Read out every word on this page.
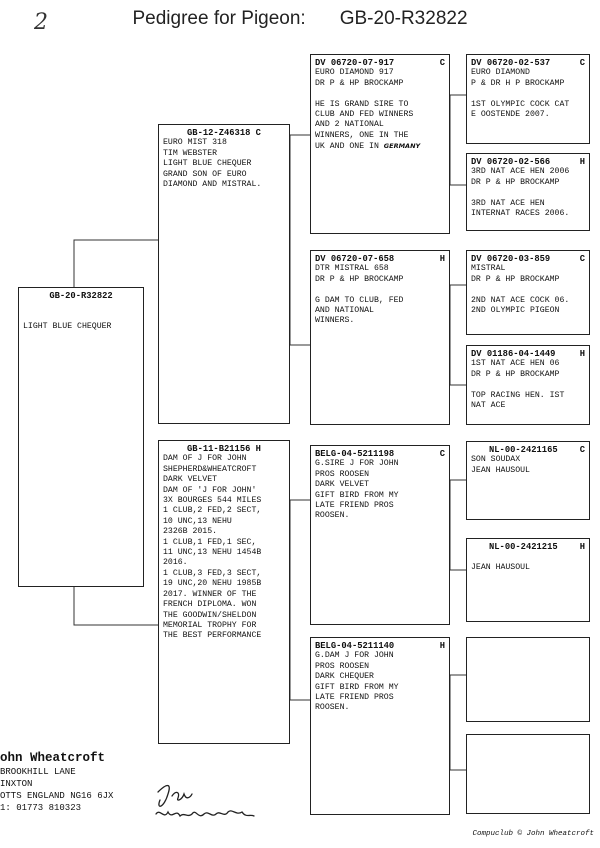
2	Pedigree for Pigeon: GB-20-R32822
GB-20-R32822
LIGHT BLUE CHEQUER
GB-12-Z46318 C
EURO MIST 318
TIM WEBSTER
LIGHT BLUE CHEQUER
GRAND SON OF EURO
DIAMOND AND MISTRAL.
GB-11-B21156 H
DAM OF J FOR JOHN
SHEPHERD&WHEATCROFT
DARK VELVET
DAM OF 'J FOR JOHN'
3X BOURGES 544 MILES
1 CLUB,2 FED,2 SECT,
10 UNC,13 NEHU
2326B 2015.
1 CLUB,1 FED,1 SEC,
11 UNC,13 NEHU 1454B
2016.
1 CLUB,3 FED,3 SECT,
19 UNC,20 NEHU 1985B
2017. WINNER OF THE
FRENCH DIPLOMA. WON
THE GOODWIN/SHELDON
MEMORIAL TROPHY FOR
THE BEST PERFORMANCE
DV 06720-07-917	C
EURO DIAMOND 917
DR P & HP BROCKAMP
HE IS GRAND SIRE TO
CLUB AND FED WINNERS
AND 2 NATIONAL
WINNERS, ONE IN THE
UK AND ONE IN GERMANY
DV 06720-07-658	H
DTR MISTRAL 658
DR P & HP BROCKAMP
G DAM TO CLUB, FED
AND NATIONAL
WINNERS.
BELG-04-5211198	C
G.SIRE J FOR JOHN
PROS ROOSEN
DARK VELVET
GIFT BIRD FROM MY
LATE FRIEND PROS
ROOSEN.
BELG-04-5211140	H
G.DAM J FOR JOHN
PROS ROOSEN
DARK CHEQUER
GIFT BIRD FROM MY
LATE FRIEND PROS
ROOSEN.
DV 06720-02-537	C
EURO DIAMOND
P & DR H P BROCKAMP
1ST OLYMPIC COCK CAT
E OOSTENDE 2007.
DV 06720-02-566	H
3RD NAT ACE HEN 2006
DR P & HP BROCKAMP
3RD NAT ACE HEN
INTERNAT RACES 2006.
DV 06720-03-859	C
MISTRAL
DR P & HP BROCKAMP
2ND NAT ACE COCK 06.
2ND OLYMPIC PIGEON
DV 01186-04-1449	H
1ST NAT ACE HEN 06
DR P & HP BROCKAMP
TOP RACING HEN. IST
NAT ACE
NL-00-2421165	C
SON SOUDAX
JEAN HAUSOUL
NL-00-2421215	H
JEAN HAUSOUL
ohn Wheatcroft
BROOKHILL LANE
INXTON
OTTS ENGLAND NG16 6JX
1: 01773 810323
Compuclub © John Wheatcroft
